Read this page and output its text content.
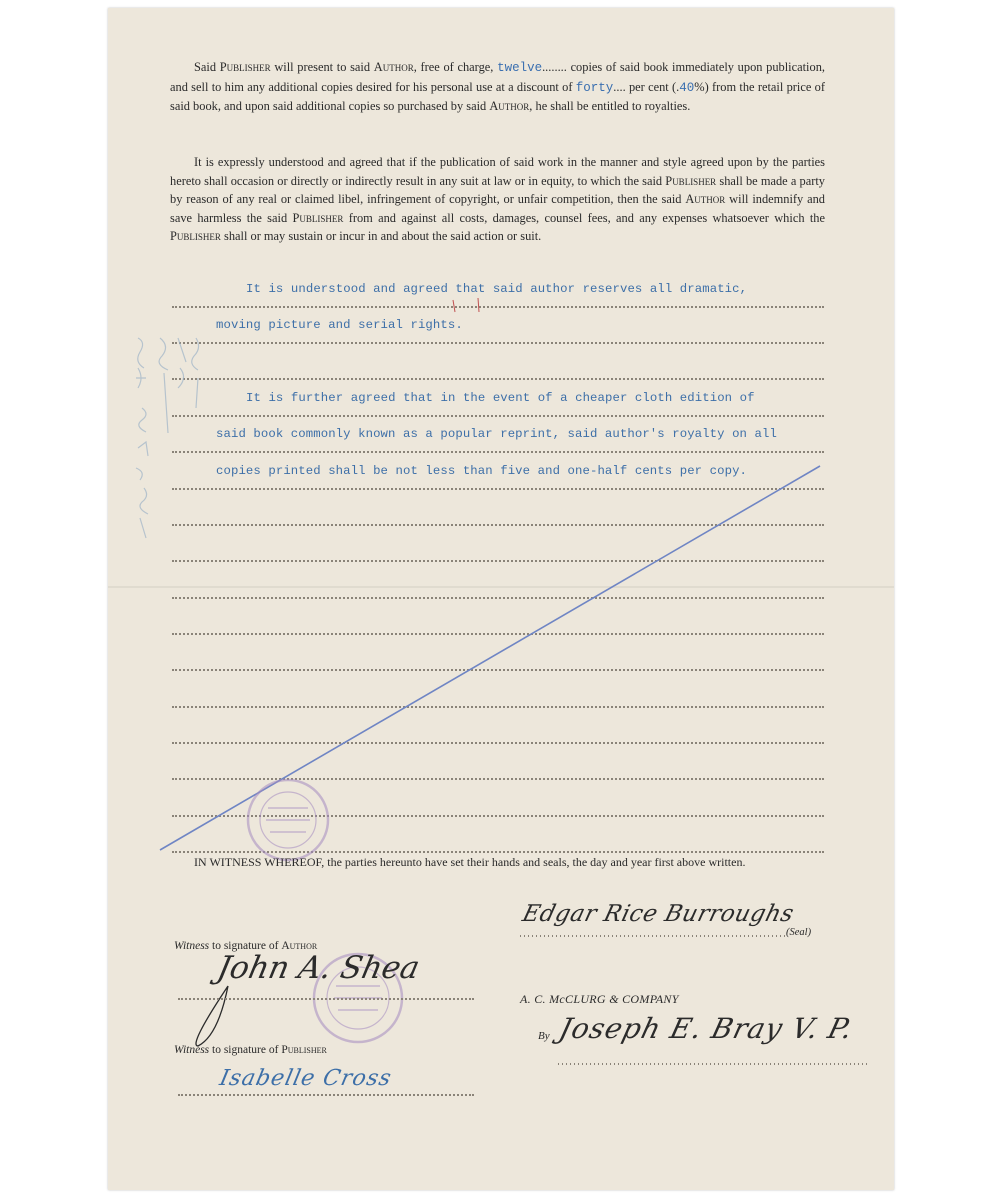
Said Publisher will present to said Author, free of charge, twelve........ copies of said book immediately upon publication, and sell to him any additional copies desired for his personal use at a discount of forty.... per cent (.40%) from the retail price of said book, and upon said additional copies so purchased by said Author, he shall be entitled to royalties.
It is expressly understood and agreed that if the publication of said work in the manner and style agreed upon by the parties hereto shall occasion or directly or indirectly result in any suit at law or in equity, to which the said Publisher shall be made a party by reason of any real or claimed libel, infringement of copyright, or unfair competition, then the said Author will indemnify and save harmless the said Publisher from and against all costs, damages, counsel fees, and any expenses whatsoever which the Publisher shall or may sustain or incur in and about the said action or suit.
It is understood and agreed that said author reserves all dramatic,
moving picture and serial rights.
It is further agreed that in the event of a cheaper cloth edition of
said book commonly known as a popular reprint, said author's royalty on all
copies printed shall be not less than five and one-half cents per copy.
IN WITNESS WHEREOF, the parties hereunto have set their hands and seals, the day and year first above written.
Edgar Rice Burroughs
(Seal)
Witness to signature of Author
John A. Shea
A. C. McCLURG & COMPANY
By Joseph E. Bray V. P.
Witness to signature of Publisher
Isabelle Cross
